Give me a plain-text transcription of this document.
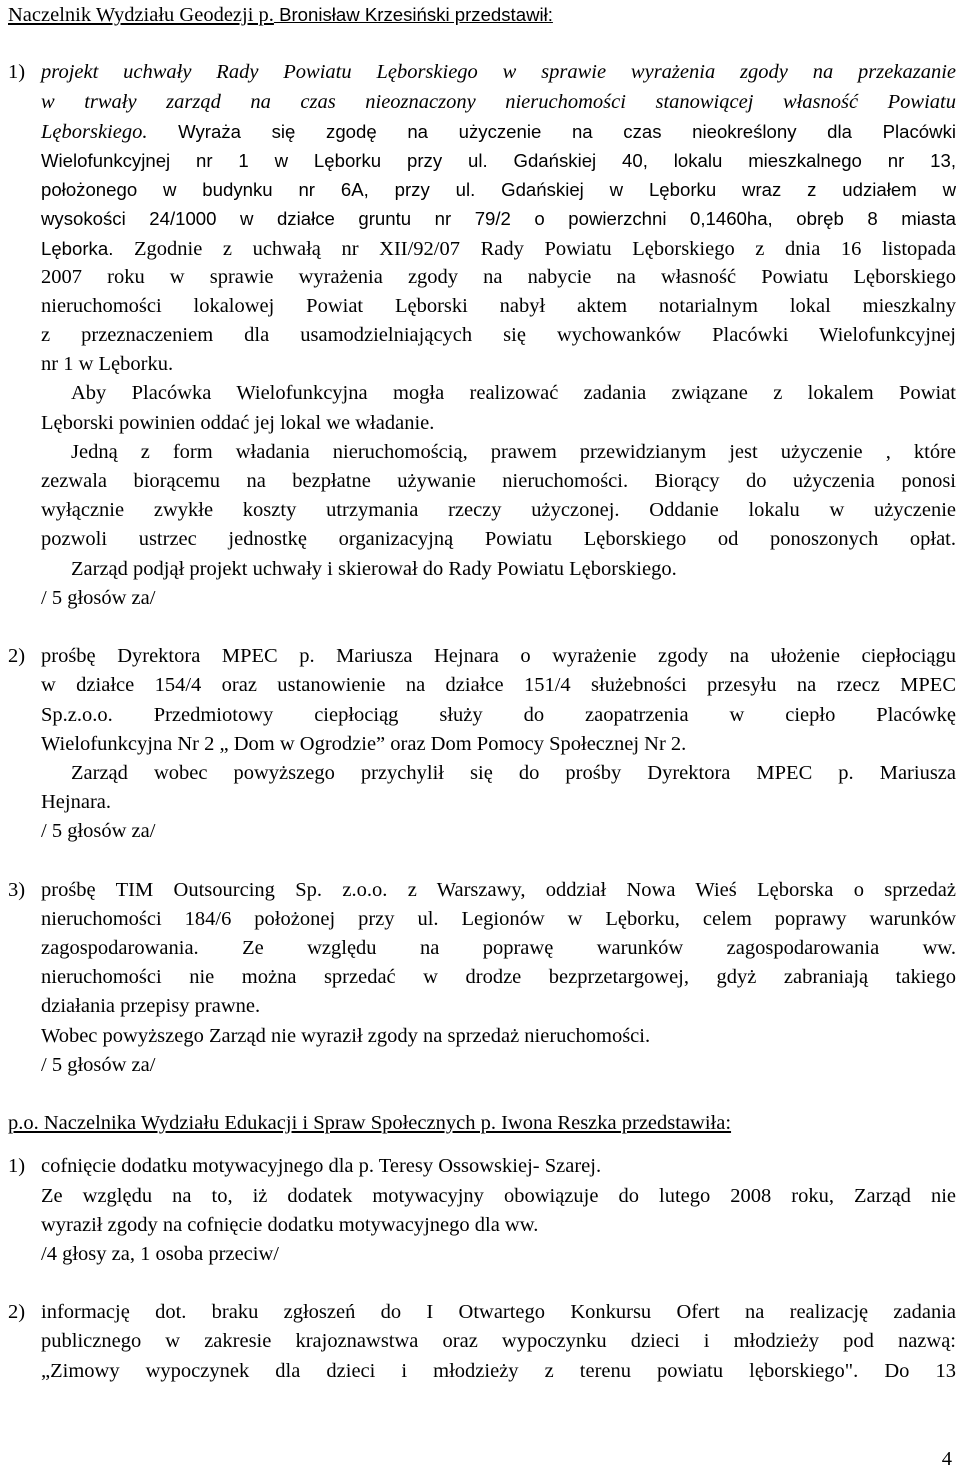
Naczelnik Wydziału Geodezji p. Bronisław Krzesiński przedstawił:
1) projekt uchwały Rady Powiatu Lęborskiego w sprawie wyrażenia zgody na przekazanie
w trwały zarząd na czas nieoznaczony nieruchomości stanowiącej własność Powiatu
Lęborskiego. Wyraża się zgodę na użyczenie na czas nieokreślony dla Placówki
Wielofunkcyjnej nr 1 w Lęborku przy ul. Gdańskiej 40, lokalu mieszkalnego nr 13,
położonego w budynku nr 6A, przy ul. Gdańskiej w Lęborku wraz z udziałem w
wysokości 24/1000 w działce gruntu nr 79/2 o powierzchni 0,1460ha, obręb 8 miasta
Lęborka. Zgodnie z uchwałą nr XII/92/07 Rady Powiatu Lęborskiego z dnia 16 listopada
2007 roku w sprawie wyrażenia zgody na nabycie na własność Powiatu Lęborskiego
nieruchomości lokalowej Powiat Lęborski nabył aktem notarialnym lokal mieszkalny
z przeznaczeniem dla usamodzielniających się wychowanków Placówki Wielofunkcyjnej
nr 1 w Lęborku.
Aby Placówka Wielofunkcyjna mogła realizować zadania związane z lokalem Powiat
Lęborski powinien oddać jej lokal we władanie.
Jedną z form władania nieruchomością, prawem przewidzianym jest użyczenie , które
zezwala biorącemu na bezpłatne używanie nieruchomości. Biorący do użyczenia ponosi
wyłącznie zwykłe koszty utrzymania rzeczy użyczonej. Oddanie lokalu w użyczenie
pozwoli ustrzec jednostkę organizacyjną Powiatu Lęborskiego od ponoszonych opłat.
Zarząd podjął projekt uchwały i skierował do Rady Powiatu Lęborskiego.
/ 5 głosów za/
2) prośbę Dyrektora MPEC p. Mariusza Hejnara o wyrażenie zgody na ułożenie ciepłociągu
w działce 154/4 oraz ustanowienie na działce 151/4 służebności przesyłu na rzecz MPEC
Sp.z.o.o. Przedmiotowy ciepłociąg służy do zaopatrzenia w ciepło Placówkę
Wielofunkcyjna Nr 2 „ Dom w Ogrodzie” oraz Dom Pomocy Społecznej Nr 2.
Zarząd wobec powyższego przychylił się do prośby Dyrektora MPEC p. Mariusza
Hejnara.
/ 5 głosów za/
3) prośbę TIM Outsourcing Sp. z.o.o. z Warszawy, oddział Nowa Wieś Lęborska o sprzedaż
nieruchomości 184/6 położonej przy ul. Legionów w Lęborku, celem poprawy warunków
zagospodarowania. Ze względu na poprawę warunków zagospodarowania ww.
nieruchomości nie można sprzedać w drodze bezprzetargowej, gdyż zabraniają takiego
działania przepisy prawne.
Wobec powyższego Zarząd nie wyraził zgody na sprzedaż nieruchomości.
/ 5 głosów za/
p.o. Naczelnika Wydziału Edukacji i Spraw Społecznych p. Iwona Reszka przedstawiła:
1) cofnięcie dodatku motywacyjnego dla p. Teresy Ossowskiej- Szarej.
Ze względu na to, iż dodatek motywacyjny obowiązuje do lutego 2008 roku, Zarząd nie
wyraził zgody na cofnięcie dodatku motywacyjnego dla ww.
/4 głosy za, 1 osoba przeciw/
2) informację dot. braku zgłoszeń do I Otwartego Konkursu Ofert na realizację zadania
publicznego w zakresie krajoznawstwa oraz wypoczynku dzieci i młodzieży pod nazwą:
„Zimowy wypoczynek dla dzieci i młodzieży z terenu powiatu lęborskiego". Do 13
4
